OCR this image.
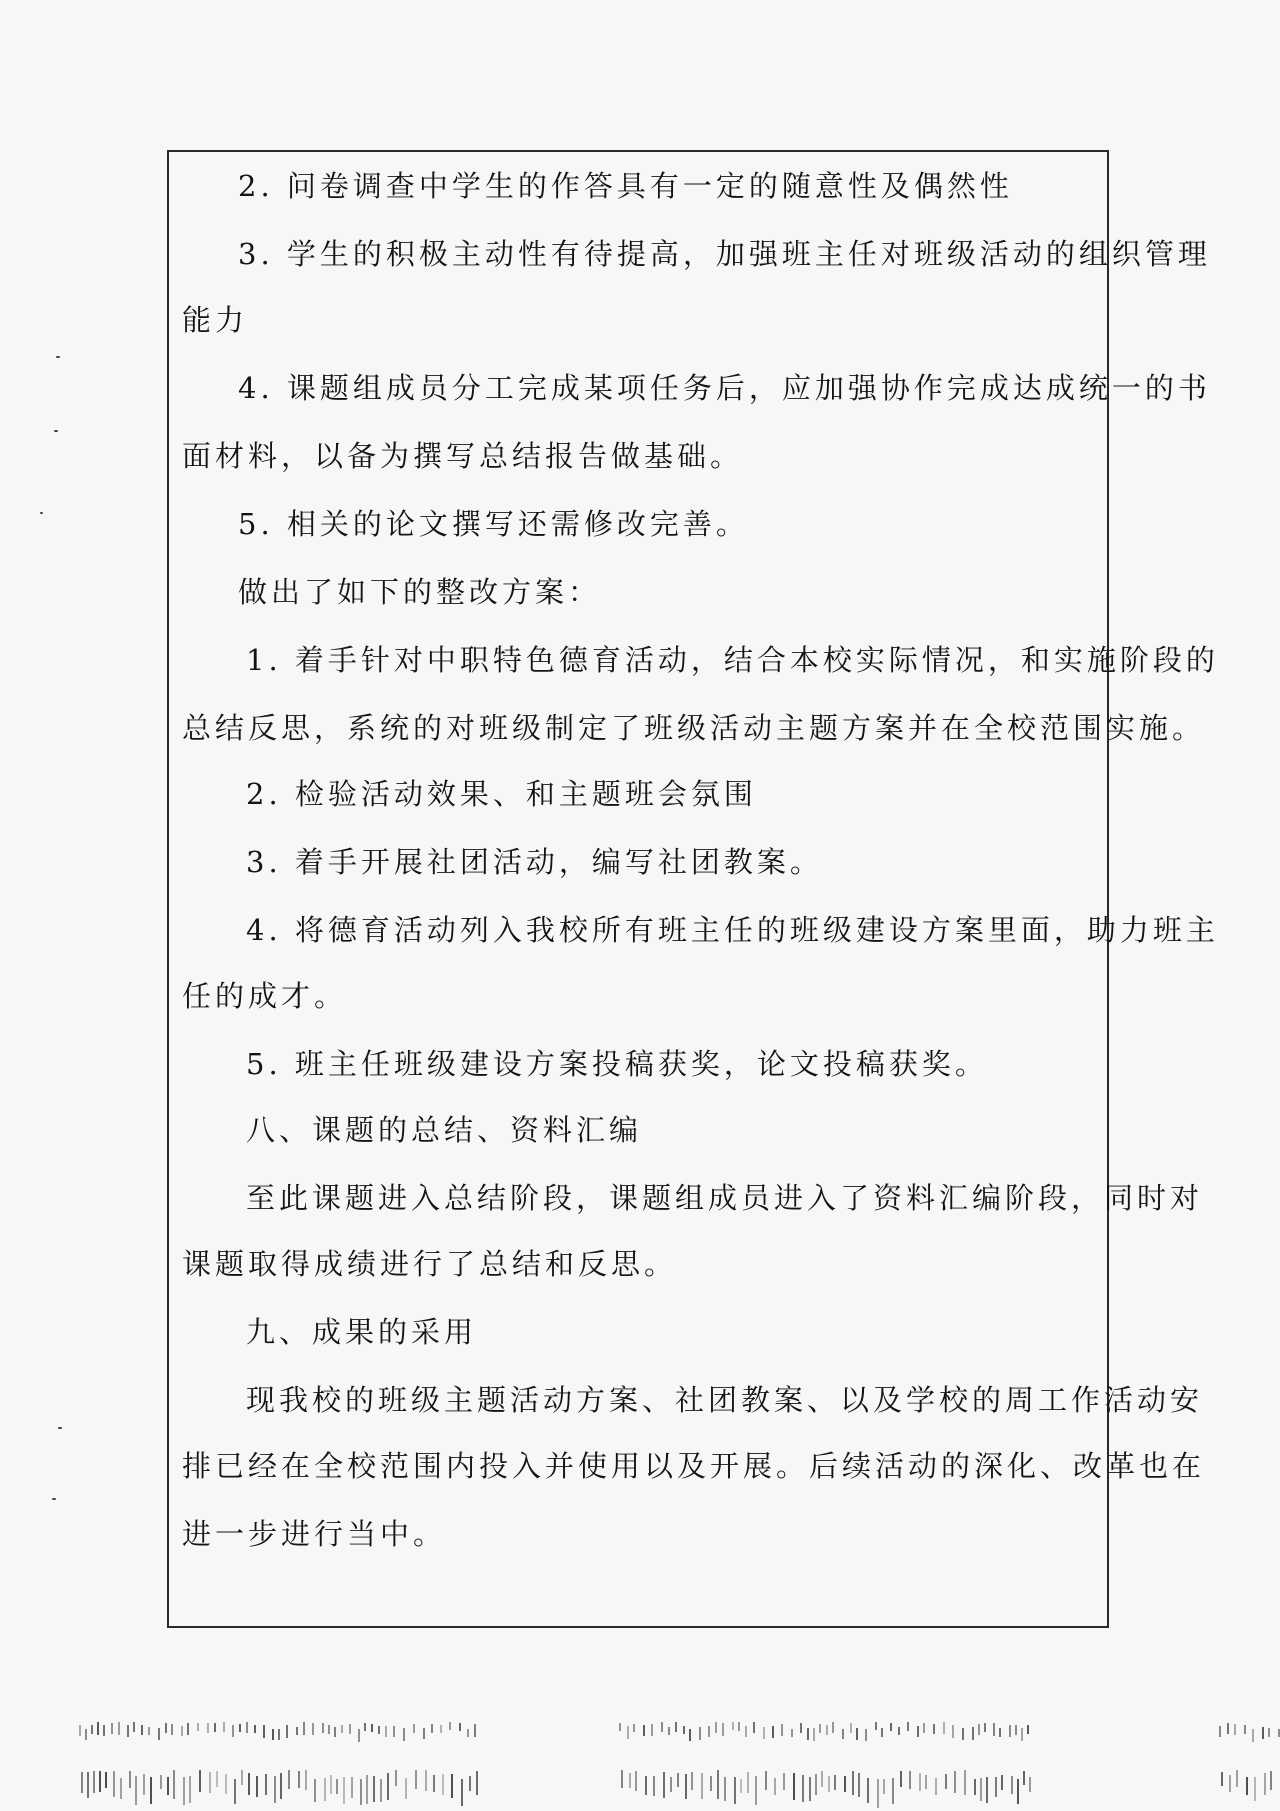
2. 问卷调查中学生的作答具有一定的随意性及偶然性
3. 学生的积极主动性有待提高，加强班主任对班级活动的组织管理
能力
4. 课题组成员分工完成某项任务后，应加强协作完成达成统一的书
面材料，以备为撰写总结报告做基础。
5. 相关的论文撰写还需修改完善。
做出了如下的整改方案：
1. 着手针对中职特色德育活动，结合本校实际情况，和实施阶段的
总结反思，系统的对班级制定了班级活动主题方案并在全校范围实施。
2. 检验活动效果、和主题班会氛围
3. 着手开展社团活动，编写社团教案。
4. 将德育活动列入我校所有班主任的班级建设方案里面，助力班主
任的成才。
5. 班主任班级建设方案投稿获奖，论文投稿获奖。
八、课题的总结、资料汇编
至此课题进入总结阶段，课题组成员进入了资料汇编阶段，同时对
课题取得成绩进行了总结和反思。
九、成果的采用
现我校的班级主题活动方案、社团教案、以及学校的周工作活动安
排已经在全校范围内投入并使用以及开展。后续活动的深化、改革也在
进一步进行当中。
